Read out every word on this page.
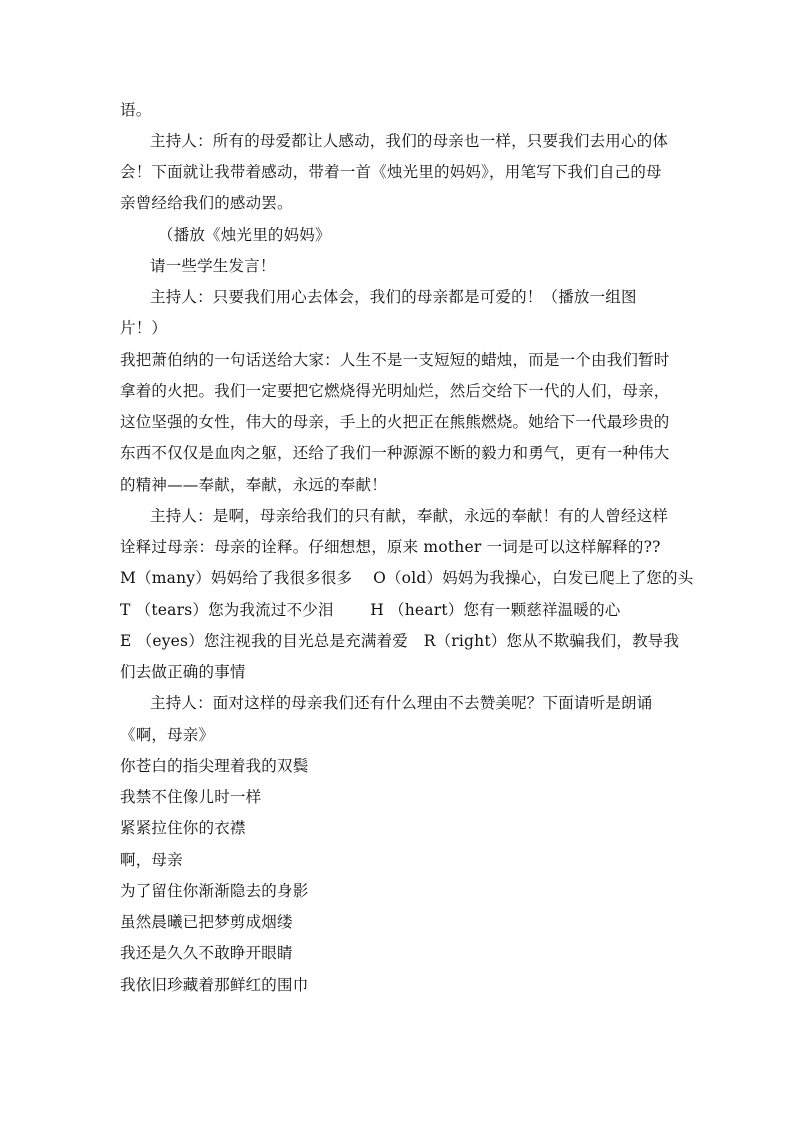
语。
主持人：所有的母爱都让人感动，我们的母亲也一样，只要我们去用心的体
会！下面就让我带着感动，带着一首《烛光里的妈妈》，用笔写下我们自己的母
亲曾经给我们的感动罢。
（播放《烛光里的妈妈》
请一些学生发言！
主持人：只要我们用心去体会，我们的母亲都是可爱的！（播放一组图
片！）
我把萧伯纳的一句话送给大家：人生不是一支短短的蜡烛，而是一个由我们暂时
拿着的火把。我们一定要把它燃烧得光明灿烂，然后交给下一代的人们，母亲，
这位坚强的女性，伟大的母亲，手上的火把正在熊熊燃烧。她给下一代最珍贵的
东西不仅仅是血肉之躯，还给了我们一种源源不断的毅力和勇气，更有一种伟大
的精神——奉献，奉献，永远的奉献！
主持人：是啊，母亲给我们的只有献，奉献，永远的奉献！有的人曾经这样
诠释过母亲：母亲的诠释。仔细想想，原来 mother 一词是可以这样解释的??
M（many）妈妈给了我很多很多　 O（old）妈妈为我操心，白发已爬上了您的头
T （tears）您为我流过不少泪　　 H （heart）您有一颗慈祥温暖的心
E （eyes）您注视我的目光总是充满着爱　R（right）您从不欺骗我们，教导我
们去做正确的事情
主持人：面对这样的母亲我们还有什么理由不去赞美呢？下面请听是朗诵
《啊，母亲》
你苍白的指尖理着我的双鬓
我禁不住像儿时一样
紧紧拉住你的衣襟
啊，母亲
为了留住你渐渐隐去的身影
虽然晨曦已把梦剪成烟缕
我还是久久不敢睁开眼睛
我依旧珍藏着那鲜红的围巾
